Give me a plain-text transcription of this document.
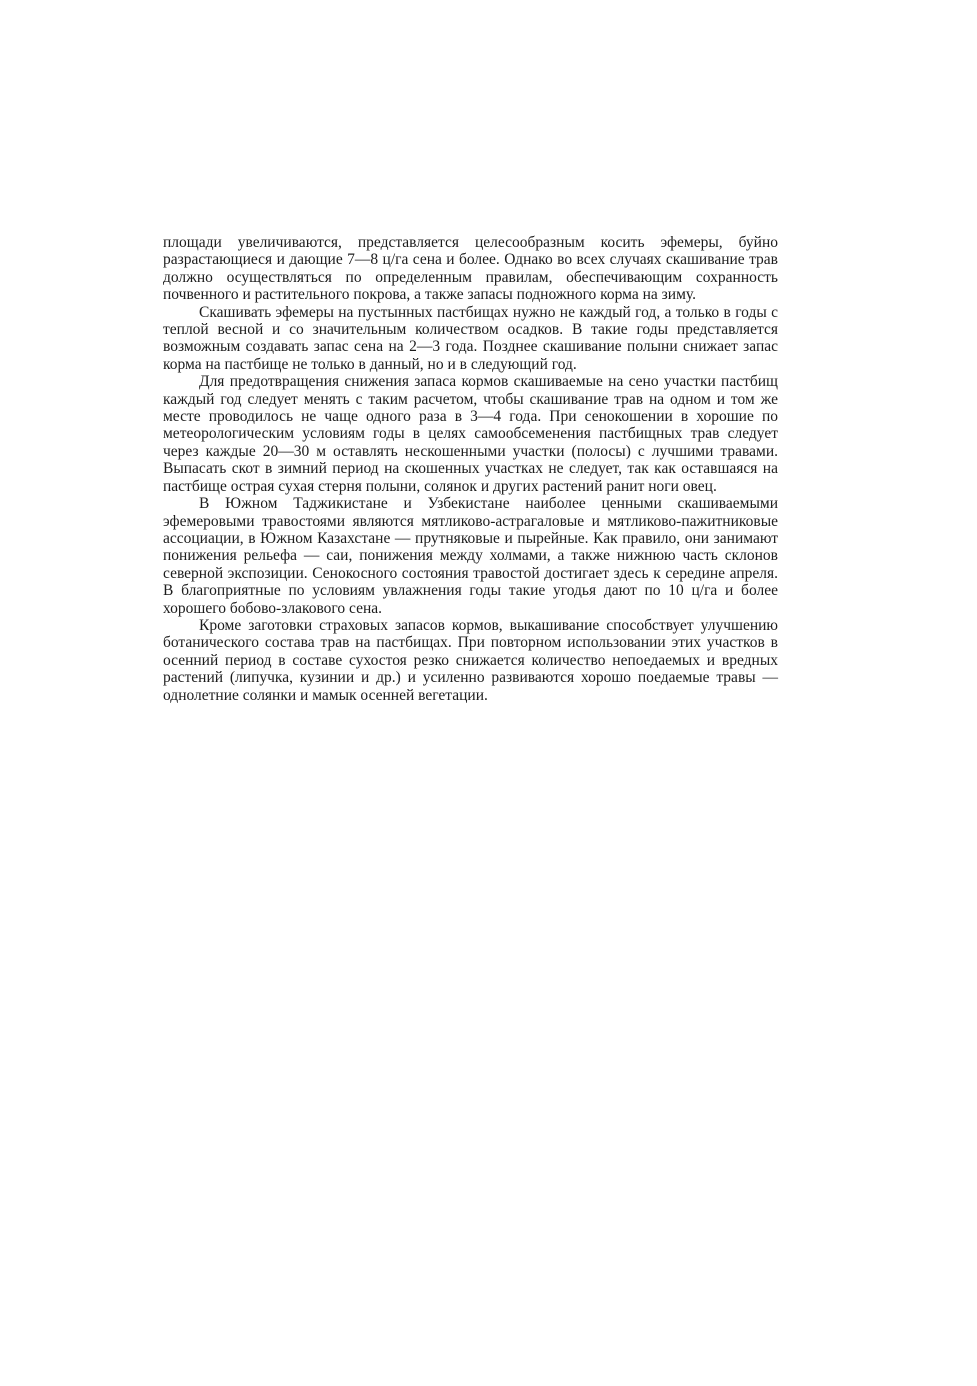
площади увеличиваются, представляется целесообразным косить эфемеры, буйно разрастающиеся и дающие 7—8 ц/га сена и более. Однако во всех случаях скашивание трав должно осуществляться по определенным правилам, обеспечивающим сохранность почвенного и растительного покрова, а также запасы подножного корма на зиму.

Скашивать эфемеры на пустынных пастбищах нужно не каждый год, а только в годы с теплой весной и со значительным количеством осадков. В такие годы представляется возможным создавать запас сена на 2—3 года. Позднее скашивание полыни снижает запас корма на пастбище не только в данный, но и в следующий год.

Для предотвращения снижения запаса кормов скашиваемые на сено участки пастбищ каждый год следует менять с таким расчетом, чтобы скашивание трав на одном и том же месте проводилось не чаще одного раза в 3—4 года. При сенокошении в хорошие по метеорологическим условиям годы в целях самообсеменения пастбищных трав следует через каждые 20—30 м оставлять нескошенными участки (полосы) с лучшими травами. Выпасать скот в зимний период на скошенных участках не следует, так как оставшаяся на пастбище острая сухая стерня полыни, солянок и других растений ранит ноги овец.

В Южном Таджикистане и Узбекистане наиболее ценными скашиваемыми эфемеровыми травостоями являются мятликово-астрагаловые и мятликово-пажитниковые ассоциации, в Южном Казахстане — прутняковые и пырейные. Как правило, они занимают понижения рельефа — саи, понижения между холмами, а также нижнюю часть склонов северной экспозиции. Сенокосного состояния травостой достигает здесь к середине апреля. В благоприятные по условиям увлажнения годы такие угодья дают по 10 ц/га и более хорошего бобово-злакового сена.

Кроме заготовки страховых запасов кормов, выкашивание способствует улучшению ботанического состава трав на пастбищах. При повторном использовании этих участков в осенний период в составе сухостоя резко снижается количество непоедаемых и вредных растений (липучка, кузинии и др.) и усиленно развиваются хорошо поедаемые травы — однолетние солянки и мамык осенней вегетации.
